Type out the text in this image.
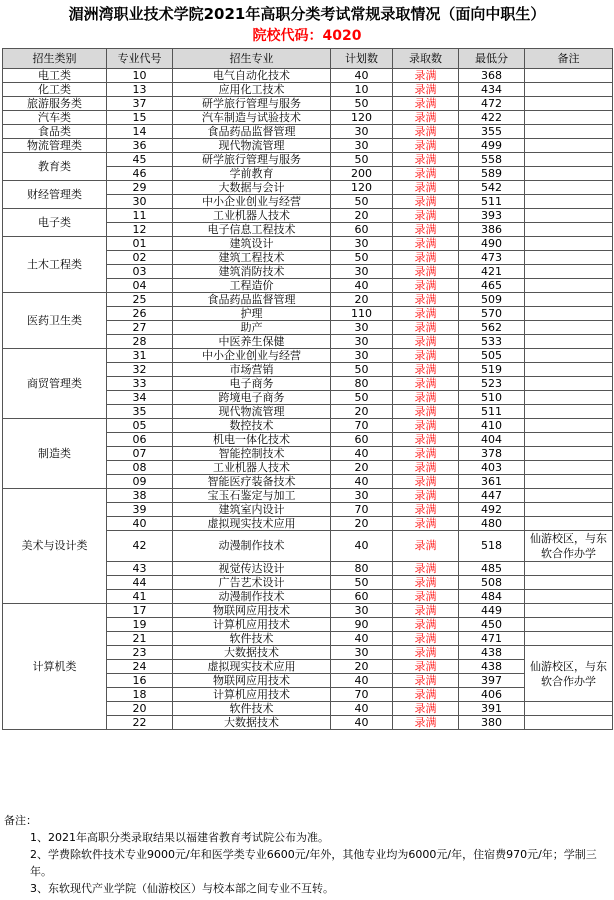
湄洲湾职业技术学院2021年高职分类考试常规录取情况（面向中职生）
院校代码：4020
招生类别	专业代号	招生专业	计划数	录取数	最低分	备注
电工类	10	电气自动化技术	40	录满	368	
化工类	13	应用化工技术	10	录满	434	
旅游服务类	37	研学旅行管理与服务	50	录满	472	
汽车类	15	汽车制造与试验技术	120	录满	422	
食品类	14	食品药品监督管理	30	录满	355	
物流管理类	36	现代物流管理	30	录满	499	
教育类	45	研学旅行管理与服务	50	录满	558	
	46	学前教育	200	录满	589	
财经管理类	29	大数据与会计	120	录满	542	
	30	中小企业创业与经营	50	录满	511	
电子类	11	工业机器人技术	20	录满	393	
	12	电子信息工程技术	60	录满	386	
土木工程类	01	建筑设计	30	录满	490	
	02	建筑工程技术	50	录满	473	
	03	建筑消防技术	30	录满	421	
	04	工程造价	40	录满	465	
医药卫生类	25	食品药品监督管理	20	录满	509	
	26	护理	110	录满	570	
	27	助产	30	录满	562	
	28	中医养生保健	30	录满	533	
商贸管理类	31	中小企业创业与经营	30	录满	505	
	32	市场营销	50	录满	519	
	33	电子商务	80	录满	523	
	34	跨境电子商务	50	录满	510	
	35	现代物流管理	20	录满	511	
制造类	05	数控技术	70	录满	410	
	06	机电一体化技术	60	录满	404	
	07	智能控制技术	40	录满	378	
	08	工业机器人技术	20	录满	403	
	09	智能医疗装备技术	40	录满	361	
美术与设计类	38	宝玉石鉴定与加工	30	录满	447	
	39	建筑室内设计	70	录满	492	
	40	虚拟现实技术应用	20	录满	480	
	42	动漫制作技术	40	录满	518	仙游校区，与东软合作办学
	43	视觉传达设计	80	录满	485	
	44	广告艺术设计	50	录满	508	
	41	动漫制作技术	60	录满	484	
计算机类	17	物联网应用技术	30	录满	449	
	19	计算机应用技术	90	录满	450	
	21	软件技术	40	录满	471	
	23	大数据技术	30	录满	438	仙游校区，与东软合作办学
	24	虚拟现实技术应用	20	录满	438	
	16	物联网应用技术	40	录满	397	
	18	计算机应用技术	70	录满	406	
	20	软件技术	40	录满	391	
	22	大数据技术	40	录满	380	
备注：
1、2021年高职分类录取结果以福建省教育考试院公布为准。
2、学费除软件技术专业9000元/年和医学类专业6600元/年外，其他专业均为6000元/年，住宿费970元/年；学制三年。
3、东软现代产业学院（仙游校区）与校本部之间专业不互转。
